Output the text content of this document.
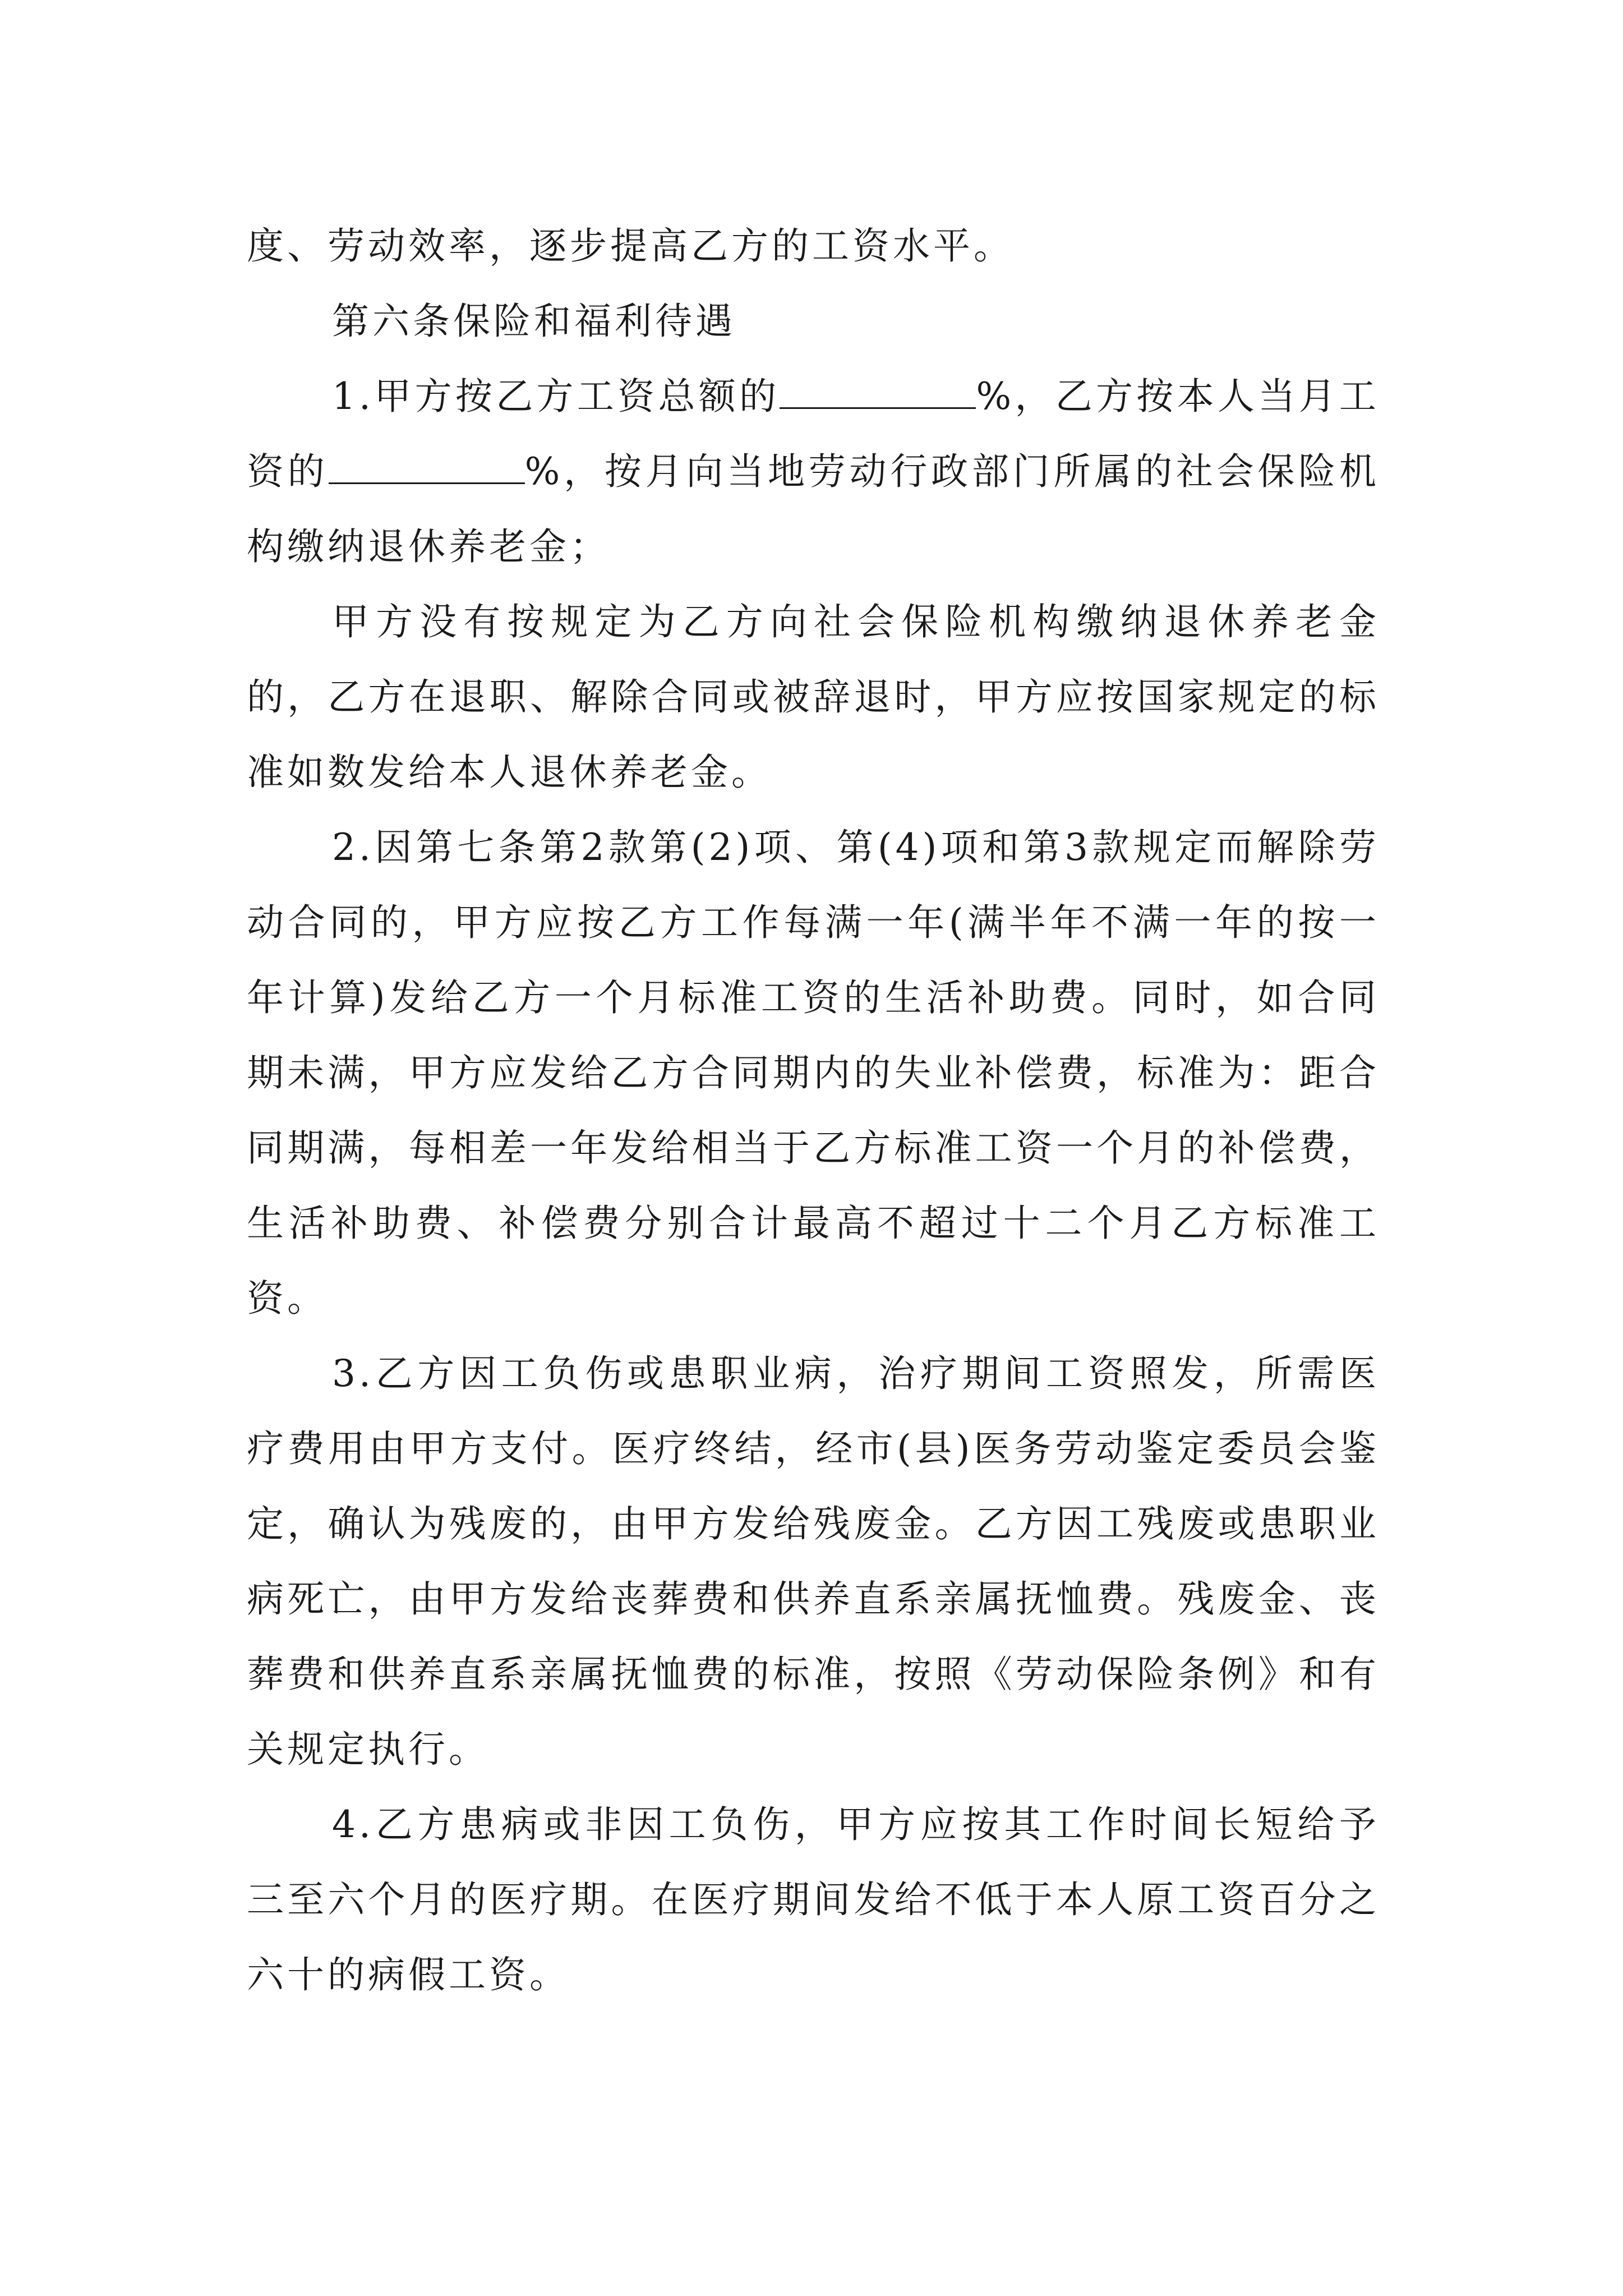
度、劳动效率，逐步提高乙方的工资水平。

第六条保险和福利待遇

1.甲方按乙方工资总额的	%，乙方按本人当月工资的	%，按月向当地劳动行政部门所属的社会保险机构缴纳退休养老金；

甲方没有按规定为乙方向社会保险机构缴纳退休养老金的，乙方在退职、解除合同或被辞退时，甲方应按国家规定的标准如数发给本人退休养老金。

2.因第七条第2款第(2)项、第(4)项和第3款规定而解除劳动合同的，甲方应按乙方工作每满一年(满半年不满一年的按一年计算)发给乙方一个月标准工资的生活补助费。同时，如合同期未满，甲方应发给乙方合同期内的失业补偿费，标准为：距合同期满，每相差一年发给相当于乙方标准工资一个月的补偿费，生活补助费、补偿费分别合计最高不超过十二个月乙方标准工资。

3.乙方因工负伤或患职业病，治疗期间工资照发，所需医疗费用由甲方支付。医疗终结，经市(县)医务劳动鉴定委员会鉴定，确认为残废的，由甲方发给残废金。乙方因工残废或患职业病死亡，由甲方发给丧葬费和供养直系亲属抚恤费。残废金、丧葬费和供养直系亲属抚恤费的标准，按照《劳动保险条例》和有关规定执行。

4.乙方患病或非因工负伤，甲方应按其工作时间长短给予三至六个月的医疗期。在医疗期间发给不低于本人原工资百分之六十的病假工资。
